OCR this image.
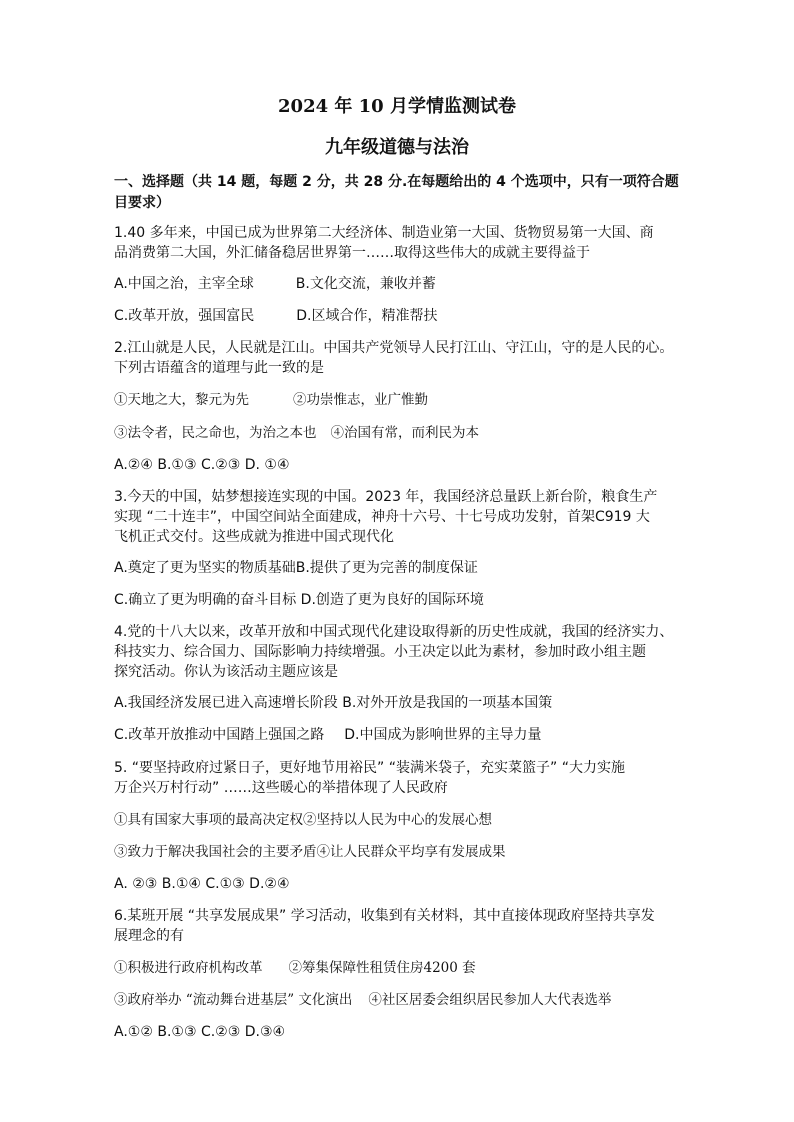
2024 年 10 月学情监测试卷
九年级道德与法治
一、选择题（共 14 题，每题 2 分，共 28 分.在每题给出的 4 个选项中，只有一项符合题
目要求）
1.40 多年来，中国已成为世界第二大经济体、制造业第一大国、货物贸易第一大国、商
品消费第二大国，外汇储备稳居世界第一……取得这些伟大的成就主要得益于
A.中国之治，主宰全球	B.文化交流，兼收并蓄
C.改革开放，强国富民	D.区域合作，精准帮扶
2.江山就是人民，人民就是江山。中国共产党领导人民打江山、守江山，守的是人民的心。
下列古语蕴含的道理与此一致的是
①天地之大，黎元为先	②功崇惟志，业广惟勤
③法令者，民之命也，为治之本也 ④治国有常，而利民为本
A.②④ B.①③ C.②③ D. ①④
3.今天的中国，姑梦想接连实现的中国。2023 年，我国经济总量跃上新台阶，粮食生产
实现 “二十连丰”，中国空间站全面建成，神舟十六号、十七号成功发射，首架C919 大
飞机正式交付。这些成就为推进中国式现代化
A.奠定了更为坚实的物质基础B.提供了更为完善的制度保证
C.确立了更为明确的奋斗目标 D.创造了更为良好的国际环境
4.党的十八大以来，改革开放和中国式现代化建设取得新的历史性成就，我国的经济实力、
科技实力、综合国力、国际影响力持续增强。小王决定以此为素材，参加时政小组主题
探究活动。你认为该活动主题应该是
A.我国经济发展已进入高速增长阶段 B.对外开放是我国的一项基本国策
C.改革开放推动中国踏上强国之路 D.中国成为影响世界的主导力量
5. “要坚持政府过紧日子，更好地节用裕民” “装满米袋子，充实菜篮子” “大力实施
万企兴万村行动” ……这些暖心的举措体现了人民政府
①具有国家大事项的最高决定权②坚持以人民为中心的发展心想
③致力于解决我国社会的主要矛盾④让人民群众平均享有发展成果
A. ②③ B.①④ C.①③ D.②④
6.某班开展 “共享发展成果” 学习活动，收集到有关材料，其中直接体现政府坚持共享发
展理念的有
①积极进行政府机构改革 ②筹集保障性租赁住房4200 套
③政府举办 “流动舞台进基层” 文化演出 ④社区居委会组织居民参加人大代表选举
A.①② B.①③ C.②③ D.③④
